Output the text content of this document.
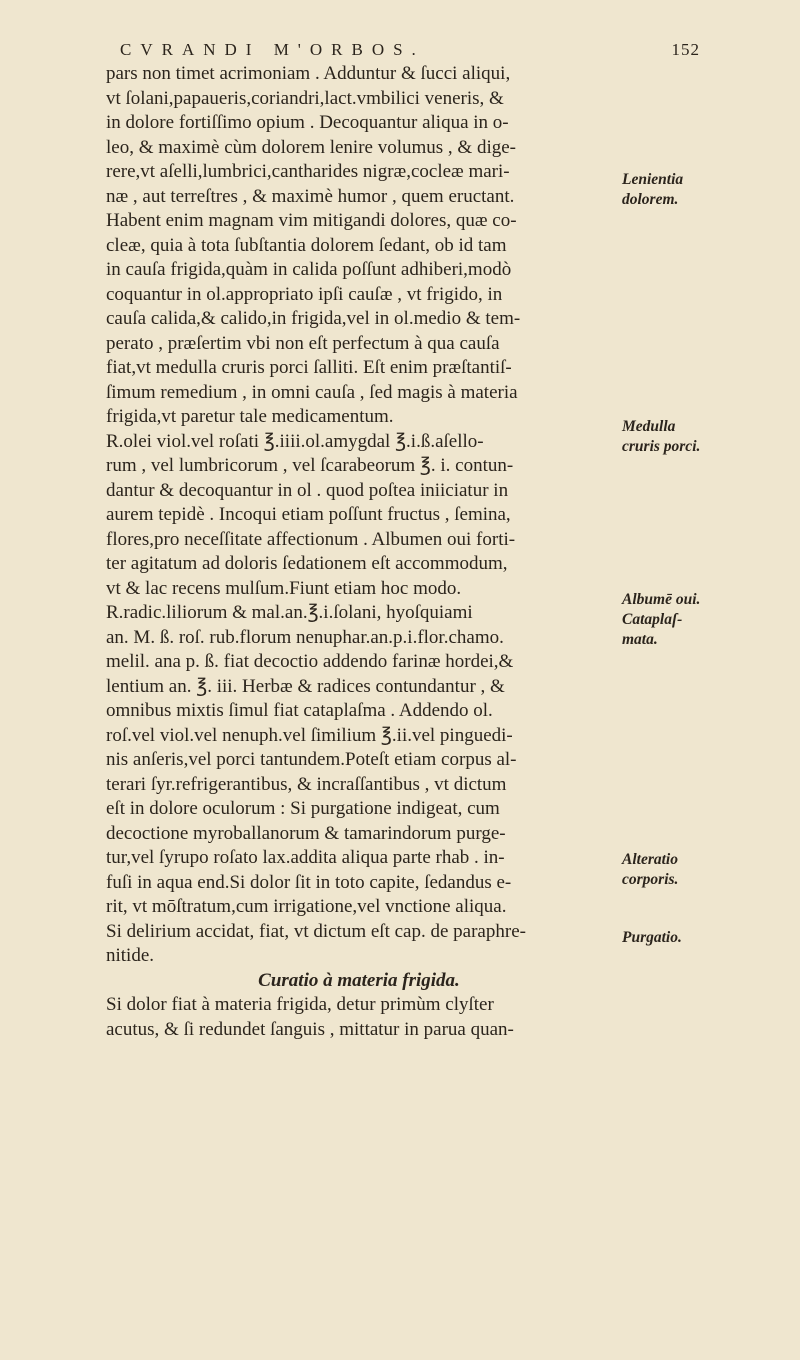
CVRANDI M'ORBOS.	152
pars non timet acrimoniam . Adduntur & ſucci aliqui,
vt ſolani,papaueris,coriandri,lact.vmbilici veneris, &
in dolore fortiſſimo opium . Decoquantur aliqua in o-
leo, & maximè cùm dolorem lenire volumus , & dige-
rere,vt aſelli,lumbrici,cantharides nigræ,cocleæ mari-
næ , aut terreſtres , & maximè humor , quem eructant.
Habent enim magnam vim mitigandi dolores, quæ co-
cleæ, quia à tota ſubſtantia dolorem ſedant, ob id tam
in cauſa frigida,quàm in calida poſſunt adhiberi,modò
coquantur in ol.appropriato ipſi cauſæ , vt frigido, in
cauſa calida,& calido,in frigida,vel in ol.medio & tem-
perato , præſertim vbi non eſt perfectum à qua cauſa
fiat,vt medulla cruris porci ſalliti. Eſt enim præſtantiſ-
ſimum remedium , in omni cauſa , ſed magis à materia
frigida,vt paretur tale medicamentum.
R.olei viol.vel roſati ℥.iiii.ol.amygdal ℥.i.ß.aſello-
rum , vel lumbricorum , vel ſcarabeorum ℥. i. contun-
dantur & decoquantur in ol . quod poſtea iniiciatur in
aurem tepidè . Incoqui etiam poſſunt fructus , ſemina,
flores,pro neceſſitate affectionum . Albumen oui forti-
ter agitatum ad doloris ſedationem eſt accommodum,
vt & lac recens mulſum.Fiunt etiam hoc modo.
R.radic.liliorum & mal.an.℥.i.ſolani, hyoſquiami
an. M. ß. roſ. rub.florum nenuphar.an.p.i.flor.chamo.
melil. ana p. ß. fiat decoctio addendo farinæ hordei,&
lentium an. ℥. iii. Herbæ & radices contundantur , &
omnibus mixtis ſimul fiat cataplaſma . Addendo ol.
roſ.vel viol.vel nenuph.vel ſimilium ℥.ii.vel pinguedi-
nis anſeris,vel porci tantundem.Poteſt etiam corpus al-
terari ſyr.refrigerantibus, & incraſſantibus , vt dictum
eſt in dolore oculorum : Si purgatione indigeat, cum
decoctione myroballanorum & tamarindorum purge-
tur,vel ſyrupo roſato lax.addita aliqua parte rhab . in-
fuſi in aqua end.Si dolor ſit in toto capite, ſedandus e-
rit, vt mōſtratum,cum irrigatione,vel vnctione aliqua.
Si delirium accidat, fiat, vt dictum eſt cap. de paraphre-
nitide.
Curatio à materia frigida.
Si dolor fiat à materia frigida, detur primùm clyſter
acutus, & ſi redundet ſanguis , mittatur in parua quan-
Lenientia
dolorem.
Medulla
cruris porci.
Albumē oui.
Cataplaſ-
mata.
Alteratio
corporis.
Purgatio.
